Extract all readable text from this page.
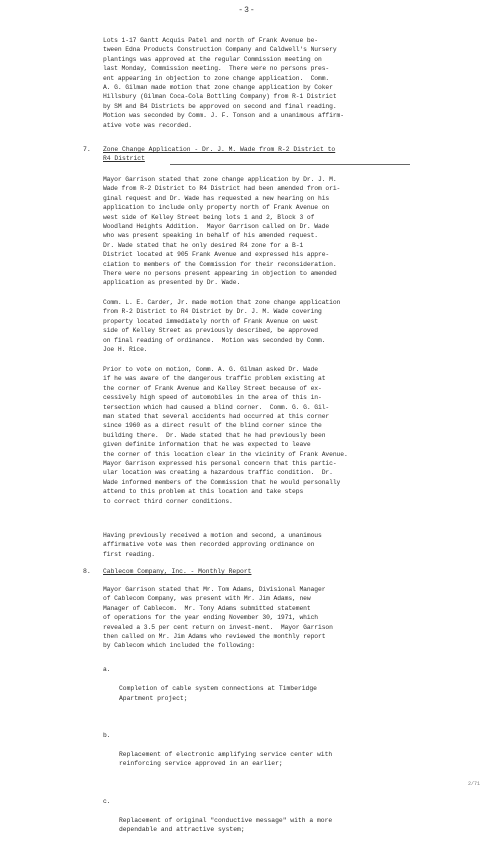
-3-
Lots 1-17 Gantt Acquis Patel and north of Frank Avenue be-
tween Edna Products Construction Company and Caldwell's Nursery
plantings was approved at the regular Commission meeting on
last Monday, Commission meeting.  There were no persons pres-
ent appearing in objection to zone change application.  Comm.
A. G. Gilman made motion that zone change application by Coker
Hillsbury (Gilman Coca-Cola Bottling Company) from R-1 District
by SM and B4 Districts be approved on second and final reading.
Motion was seconded by Comm. J. F. Tonson and a unanimous affirm-
ative vote was recorded.
7. Zone Change Application - Dr. J. M. Wade from R-2 District to
R4 District
Mayor Garrison stated that zone change application by Dr. J. M.
Wade from R-2 District to R4 District had been amended from ori-
ginal request and Dr. Wade has requested a new hearing on his
application to include only property north of Frank Avenue on
west side of Kelley Street being lots 1 and 2, Block 3 of
Woodland Heights Addition.  Mayor Garrison called on Dr. Wade
who was present speaking in behalf of his amended request.
Dr. Wade stated that he only desired R4 zone for a B-1
District located at 905 Frank Avenue and expressed his appre-
ciation to members of the Commission for their reconsideration.
There were no persons present appearing in objection to amended
application as presented by Dr. Wade.
Comm. L. E. Carder, Jr. made motion that zone change application
from R-2 District to R4 District by Dr. J. M. Wade covering
property located immediately north of Frank Avenue on west
side of Kelley Street as previously described, be approved
on final reading of ordinance.  Motion was seconded by Comm.
Joe H. Rice.
Prior to vote on motion, Comm. A. G. Gilman asked Dr. Wade
if he was aware of the dangerous traffic problem existing at
the corner of Frank Avenue and Kelley Street because of ex-
cessively high speed of automobiles in the area of this in-
tersection which had caused a blind corner.  Comm. G. G. Gil-
man stated that several accidents had occurred at this corner
since 1960 as a direct result of the blind corner since the
building there.  Dr. Wade stated that he had previously been
given definite information that he was expected to leave
the corner of this location clear in the vicinity of Frank Avenue.
Mayor Garrison expressed his personal concern that this partic-
ular location was creating a hazardous traffic condition.  Dr.
Wade informed members of the Commission that he would personally
attend to this problem at this location and take steps
to correct third corner conditions.
Having previously received a motion and second, a unanimous
affirmative vote was then recorded approving ordinance on
first reading.
8. Cablecom Company, Inc. - Monthly Report
Mayor Garrison stated that Mr. Tom Adams, Divisional Manager
of Cablecom Company, was present with Mr. Jim Adams, new
Manager of Cablecom.  Mr. Tony Adams submitted statement
of operations for the year ending November 30, 1971, which
revealed a 3.5 per cent return on invest-ment.  Mayor Garrison
then called on Mr. Jim Adams who reviewed the monthly report
by Cablecom which included the following:

a.

Completion of cable system connections at Timberidge
Apartment project;

b.

Replacement of electronic amplifying service center with
reinforcing service approved in an earlier;

c.

Replacement of original "conductive message" with a more
dependable and attractive system;

2/71
